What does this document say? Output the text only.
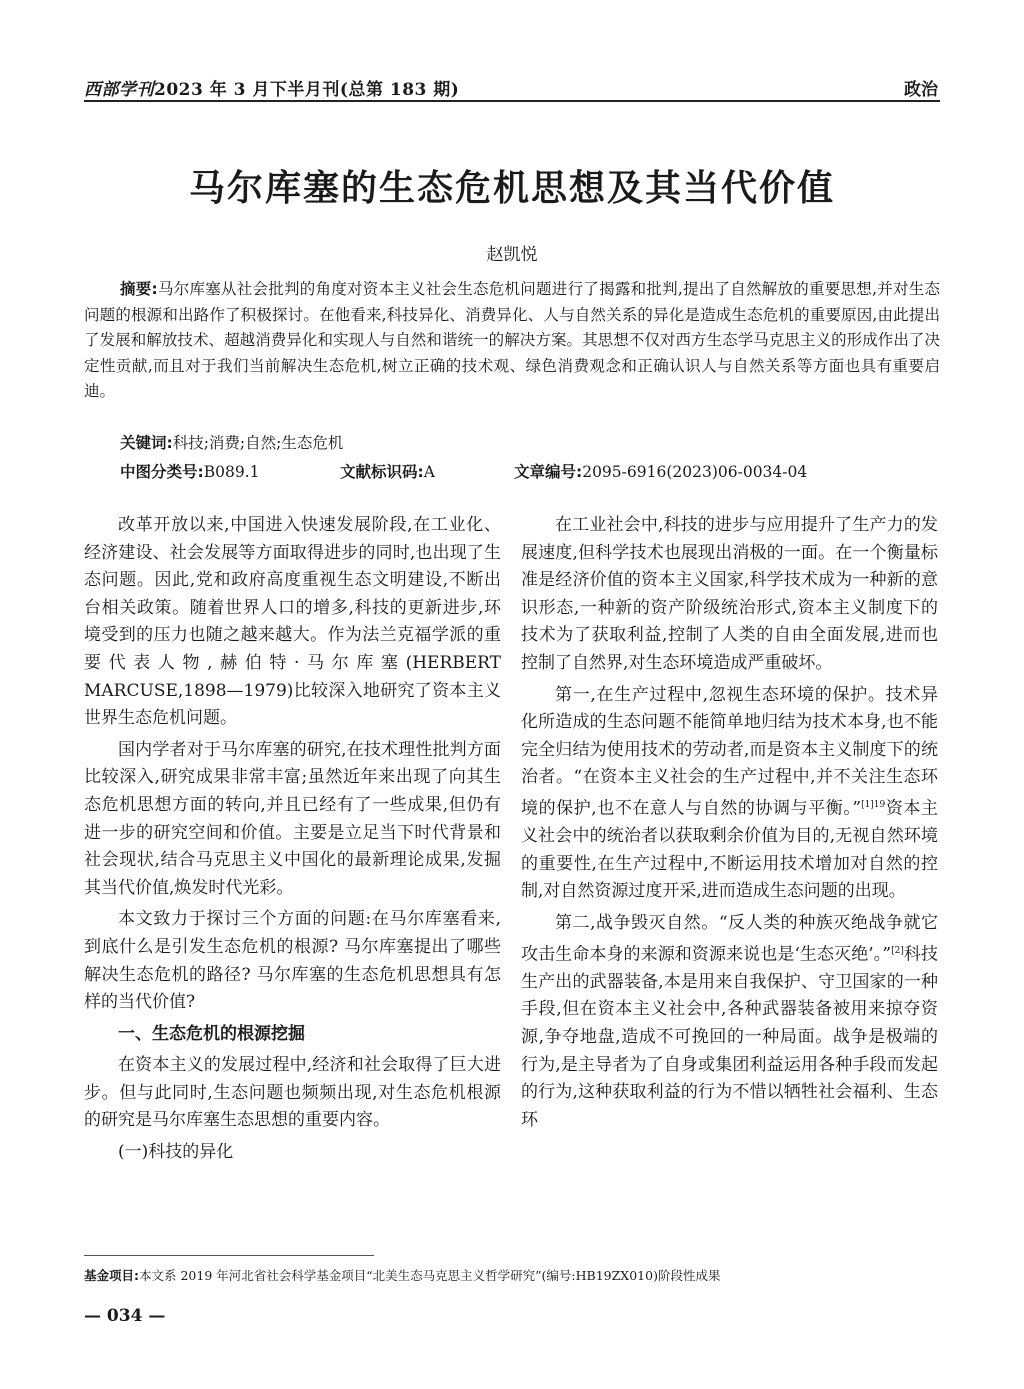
西部学刊2023 年 3 月下半月刊(总第 183 期)	政治
马尔库塞的生态危机思想及其当代价值
赵凯悦
摘要:马尔库塞从社会批判的角度对资本主义社会生态危机问题进行了揭露和批判,提出了自然解放的重要思想,并对生态问题的根源和出路作了积极探讨。在他看来,科技异化、消费异化、人与自然关系的异化是造成生态危机的重要原因,由此提出了发展和解放技术、超越消费异化和实现人与自然和谐统一的解决方案。其思想不仅对西方生态学马克思主义的形成作出了决定性贡献,而且对于我们当前解决生态危机,树立正确的技术观、绿色消费观念和正确认识人与自然关系等方面也具有重要启迪。
关键词:科技;消费;自然;生态危机
中图分类号:B089.1	文献标识码:A	文章编号:2095-6916(2023)06-0034-04

改革开放以来,中国进入快速发展阶段,在工业化、经济建设、社会发展等方面取得进步的同时,也出现了生态问题。因此,党和政府高度重视生态文明建设,不断出台相关政策。随着世界人口的增多,科技的更新进步,环境受到的压力也随之越来越大。作为法兰克福学派的重要代表人物,赫伯特·马尔库塞(HERBERT MARCUSE,1898—1979)比较深入地研究了资本主义世界生态危机问题。

国内学者对于马尔库塞的研究,在技术理性批判方面比较深入,研究成果非常丰富;虽然近年来出现了向其生态危机思想方面的转向,并且已经有了一些成果,但仍有进一步的研究空间和价值。主要是立足当下时代背景和社会现状,结合马克思主义中国化的最新理论成果,发掘其当代价值,焕发时代光彩。

本文致力于探讨三个方面的问题:在马尔库塞看来,到底什么是引发生态危机的根源? 马尔库塞提出了哪些解决生态危机的路径? 马尔库塞的生态危机思想具有怎样的当代价值?

一、生态危机的根源挖掘

在资本主义的发展过程中,经济和社会取得了巨大进步。但与此同时,生态问题也频频出现,对生态危机根源的研究是马尔库塞生态思想的重要内容。

(一)科技的异化

在工业社会中,科技的进步与应用提升了生产力的发展速度,但科学技术也展现出消极的一面。在一个衡量标准是经济价值的资本主义国家,科学技术成为一种新的意识形态,一种新的资产阶级统治形式,资本主义制度下的技术为了获取利益,控制了人类的自由全面发展,进而也控制了自然界,对生态环境造成严重破坏。

第一,在生产过程中,忽视生态环境的保护。技术异化所造成的生态问题不能简单地归结为技术本身,也不能完全归结为使用技术的劳动者,而是资本主义制度下的统治者。“在资本主义社会的生产过程中,并不关注生态环境的保护,也不在意人与自然的协调与平衡。”$^{[1]19}$资本主义社会中的统治者以获取剩余价值为目的,无视自然环境的重要性,在生产过程中,不断运用技术增加对自然的控制,对自然资源过度开采,进而造成生态问题的出现。

第二,战争毁灭自然。“反人类的种族灭绝战争就它攻击生命本身的来源和资源来说也是‘生态灭绝’。”[2]科技生产出的武器装备,本是用来自我保护、守卫国家的一种手段,但在资本主义社会中,各种武器装备被用来掠夺资源,争夺地盘,造成不可挽回的一种局面。战争是极端的行为,是主导者为了自身或集团利益运用各种手段而发起的行为,这种获取利益的行为不惜以牺牲社会福利、生态环

基金项目:本文系 2019 年河北省社会科学基金项目“北美生态马克思主义哲学研究”(编号:HB19ZX010)阶段性成果
— 034 —
